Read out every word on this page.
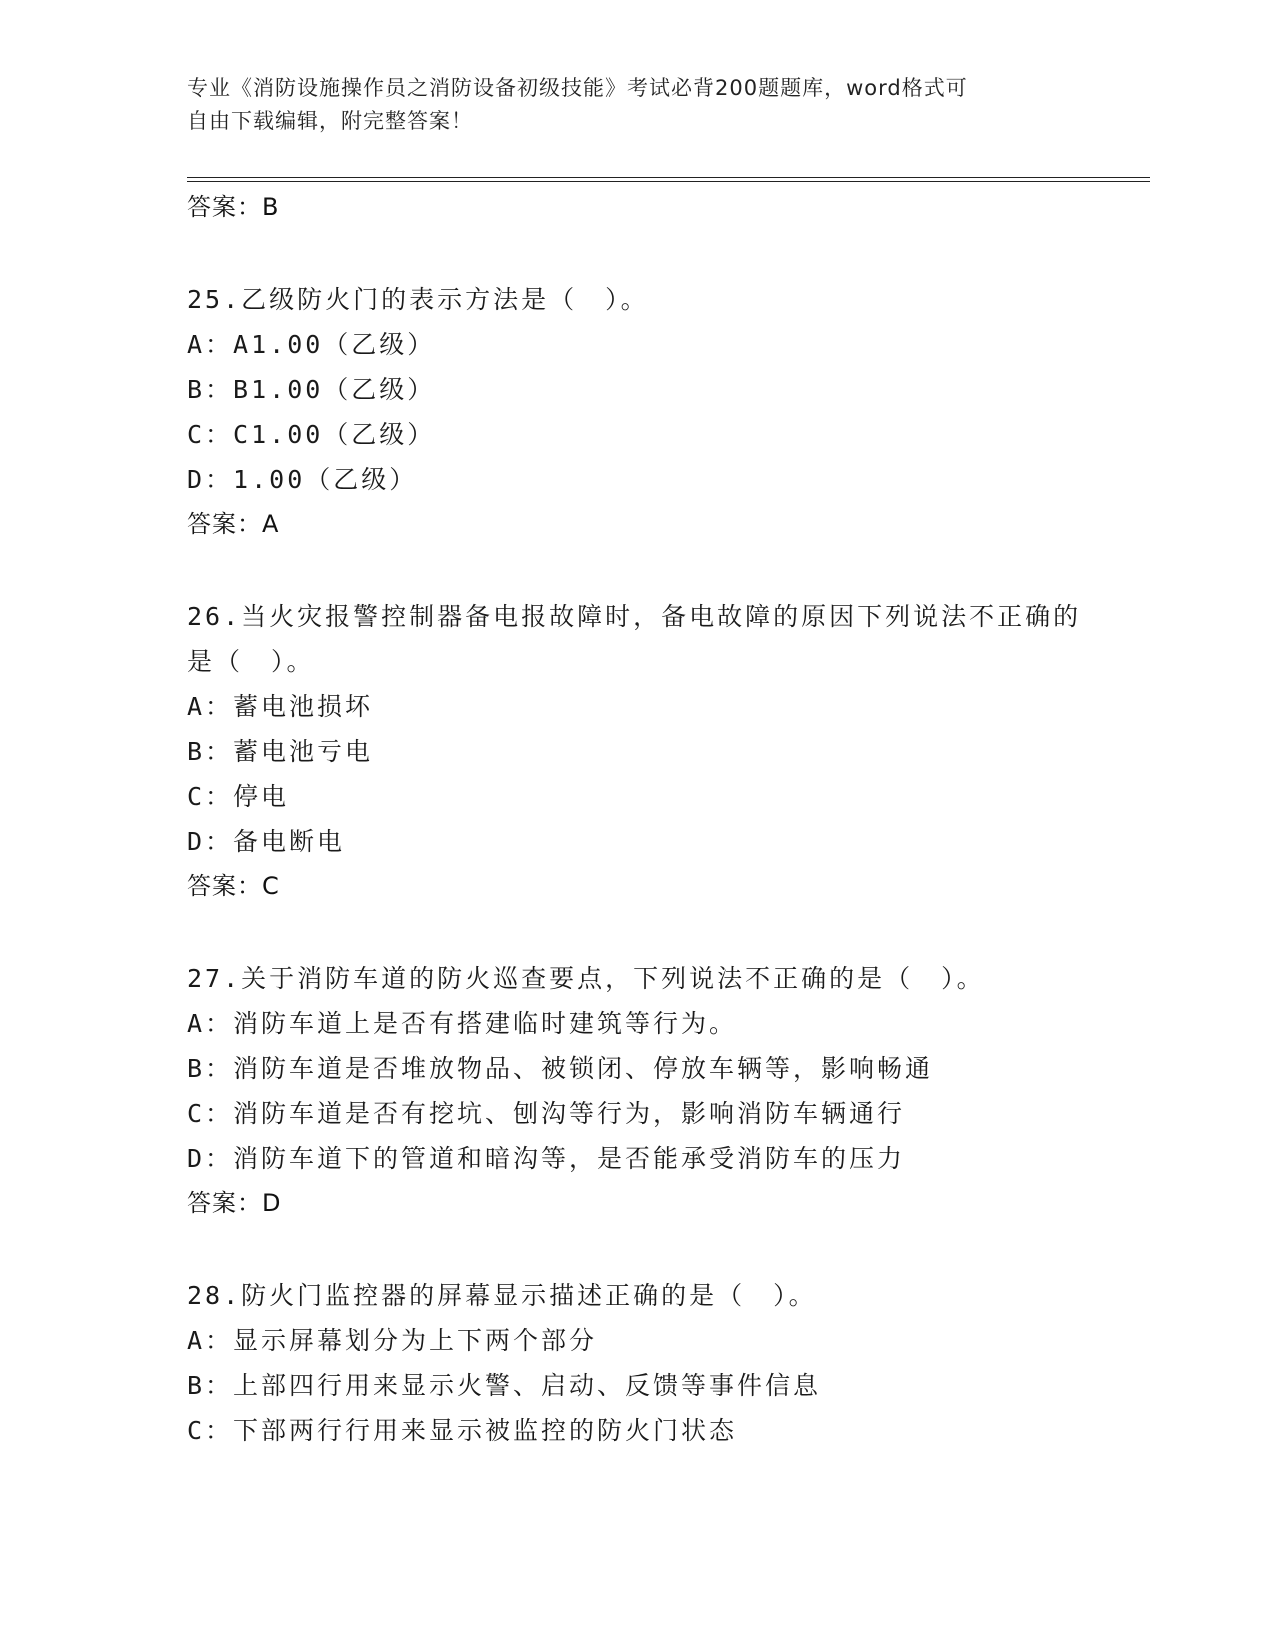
专业《消防设施操作员之消防设备初级技能》考试必背200题题库，word格式可
自由下载编辑，附完整答案！
答案：B
25.乙级防火门的表示方法是（　）。
A：A1.00（乙级）
B：B1.00（乙级）
C：C1.00（乙级）
D：1.00（乙级）
答案：A
26.当火灾报警控制器备电报故障时，备电故障的原因下列说法不正确的是（　）。
A：蓄电池损坏
B：蓄电池亏电
C：停电
D：备电断电
答案：C
27.关于消防车道的防火巡查要点，下列说法不正确的是（　）。
A：消防车道上是否有搭建临时建筑等行为。
B：消防车道是否堆放物品、被锁闭、停放车辆等，影响畅通
C：消防车道是否有挖坑、刨沟等行为，影响消防车辆通行
D：消防车道下的管道和暗沟等，是否能承受消防车的压力
答案：D
28.防火门监控器的屏幕显示描述正确的是（　）。
A：显示屏幕划分为上下两个部分
B：上部四行用来显示火警、启动、反馈等事件信息
C：下部两行行用来显示被监控的防火门状态
